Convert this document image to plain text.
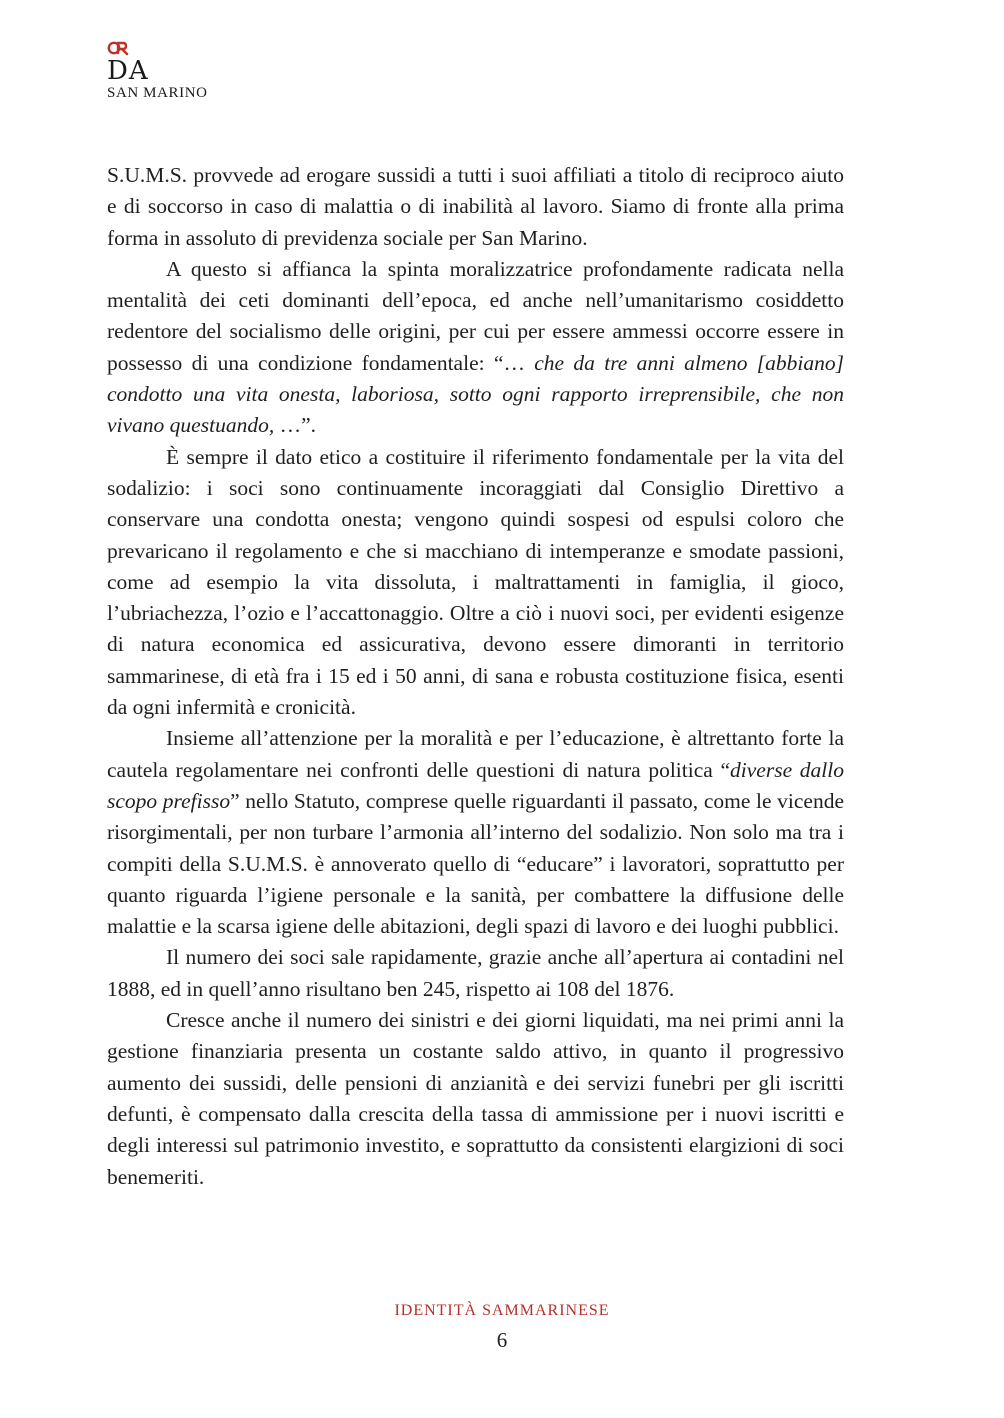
DA
SAN MARINO

S.U.M.S. provvede ad erogare sussidi a tutti i suoi affiliati a titolo di reciproco aiuto e di soccorso in caso di malattia o di inabilità al lavoro. Siamo di fronte alla prima forma in assoluto di previdenza sociale per San Marino.

A questo si affianca la spinta moralizzatrice profondamente radicata nella mentalità dei ceti dominanti dell’epoca, ed anche nell’umanitarismo cosiddetto redentore del socialismo delle origini, per cui per essere ammessi occorre essere in possesso di una condizione fondamentale: “… che da tre anni almeno [abbiano] condotto una vita onesta, laboriosa, sotto ogni rapporto irreprensibile, che non vivano questuando, …”.

È sempre il dato etico a costituire il riferimento fondamentale per la vita del sodalizio: i soci sono continuamente incoraggiati dal Consiglio Direttivo a conservare una condotta onesta; vengono quindi sospesi od espulsi coloro che prevaricano il regolamento e che si macchiano di intemperanze e smodate passioni, come ad esempio la vita dissoluta, i maltrattamenti in famiglia, il gioco, l’ubriachezza, l’ozio e l’accattonaggio. Oltre a ciò i nuovi soci, per evidenti esigenze di natura economica ed assicurativa, devono essere dimoranti in territorio sammarinese, di età fra i 15 ed i 50 anni, di sana e robusta costituzione fisica, esenti da ogni infermità e cronicità.

Insieme all’attenzione per la moralità e per l’educazione, è altrettanto forte la cautela regolamentare nei confronti delle questioni di natura politica “diverse dallo scopo prefisso” nello Statuto, comprese quelle riguardanti il passato, come le vicende risorgimentali, per non turbare l’armonia all’interno del sodalizio. Non solo ma tra i compiti della S.U.M.S. è annoverato quello di “educare” i lavoratori, soprattutto per quanto riguarda l’igiene personale e la sanità, per combattere la diffusione delle malattie e la scarsa igiene delle abitazioni, degli spazi di lavoro e dei luoghi pubblici.

Il numero dei soci sale rapidamente, grazie anche all’apertura ai contadini nel 1888, ed in quell’anno risultano ben 245, rispetto ai 108 del 1876.

Cresce anche il numero dei sinistri e dei giorni liquidati, ma nei primi anni la gestione finanziaria presenta un costante saldo attivo, in quanto il progressivo aumento dei sussidi, delle pensioni di anzianità e dei servizi funebri per gli iscritti defunti, è compensato dalla crescita della tassa di ammissione per i nuovi iscritti e degli interessi sul patrimonio investito, e soprattutto da consistenti elargizioni di soci benemeriti.

IDENTITÀ SAMMARINESE
6
